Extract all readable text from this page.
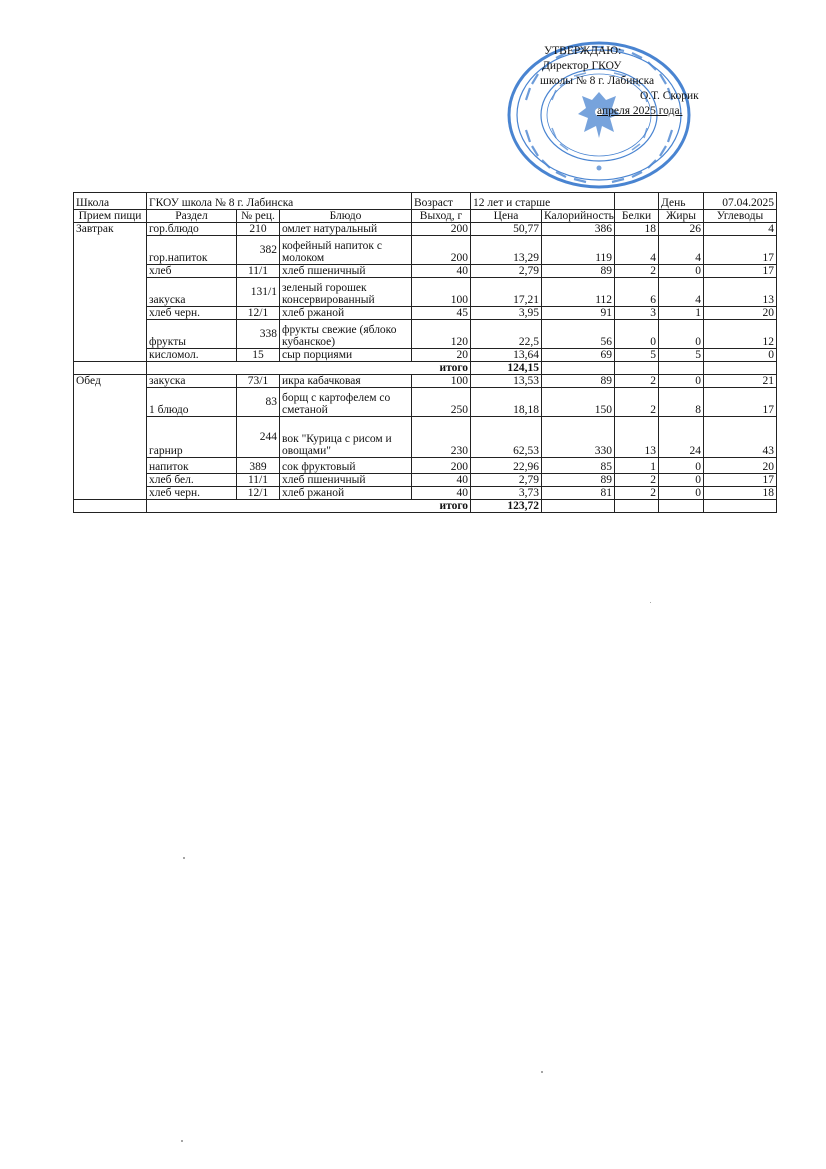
УТВЕРЖДАЮ:
Директор ГКОУ
школы № 8 г. Лабинска
О.Т. Скорик
апреля 2025 года.
Школа	ГКОУ школа № 8 г. Лабинска			Возраст	12 лет и старше			День	07.04.2025
Прием пищи	Раздел	№ рец.	Блюдо	Выход, г	Цена	Калорийность	Белки	Жиры	Углеводы
Завтрак	гор.блюдо	210	омлет натуральный	200	50,77	386	18	26	4
	гор.напиток	382	кофейный напиток с молоком	200	13,29	119	4	4	17
	хлеб	11/1	хлеб пшеничный	40	2,79	89	2	0	17
	закуска	131/1	зеленый горошек консервированный	100	17,21	112	6	4	13
	хлеб черн.	12/1	хлеб ржаной	45	3,95	91	3	1	20
	фрукты	338	фрукты свежие (яблоко кубанское)	120	22,5	56	0	0	12
	кисломол.	15	сыр порциями	20	13,64	69	5	5	0
	итого				124,15				
Обед	закуска	73/1	икра кабачковая	100	13,53	89	2	0	21
	1 блюдо	83	борщ с картофелем со сметаной	250	18,18	150	2	8	17
	гарнир	244	вок "Курица с рисом и овощами"	230	62,53	330	13	24	43
	напиток	389	сок фруктовый	200	22,96	85	1	0	20
	хлеб бел.	11/1	хлеб пшеничный	40	2,79	89	2	0	17
	хлеб черн.	12/1	хлеб ржаной	40	3,73	81	2	0	18
	итого				123,72				
